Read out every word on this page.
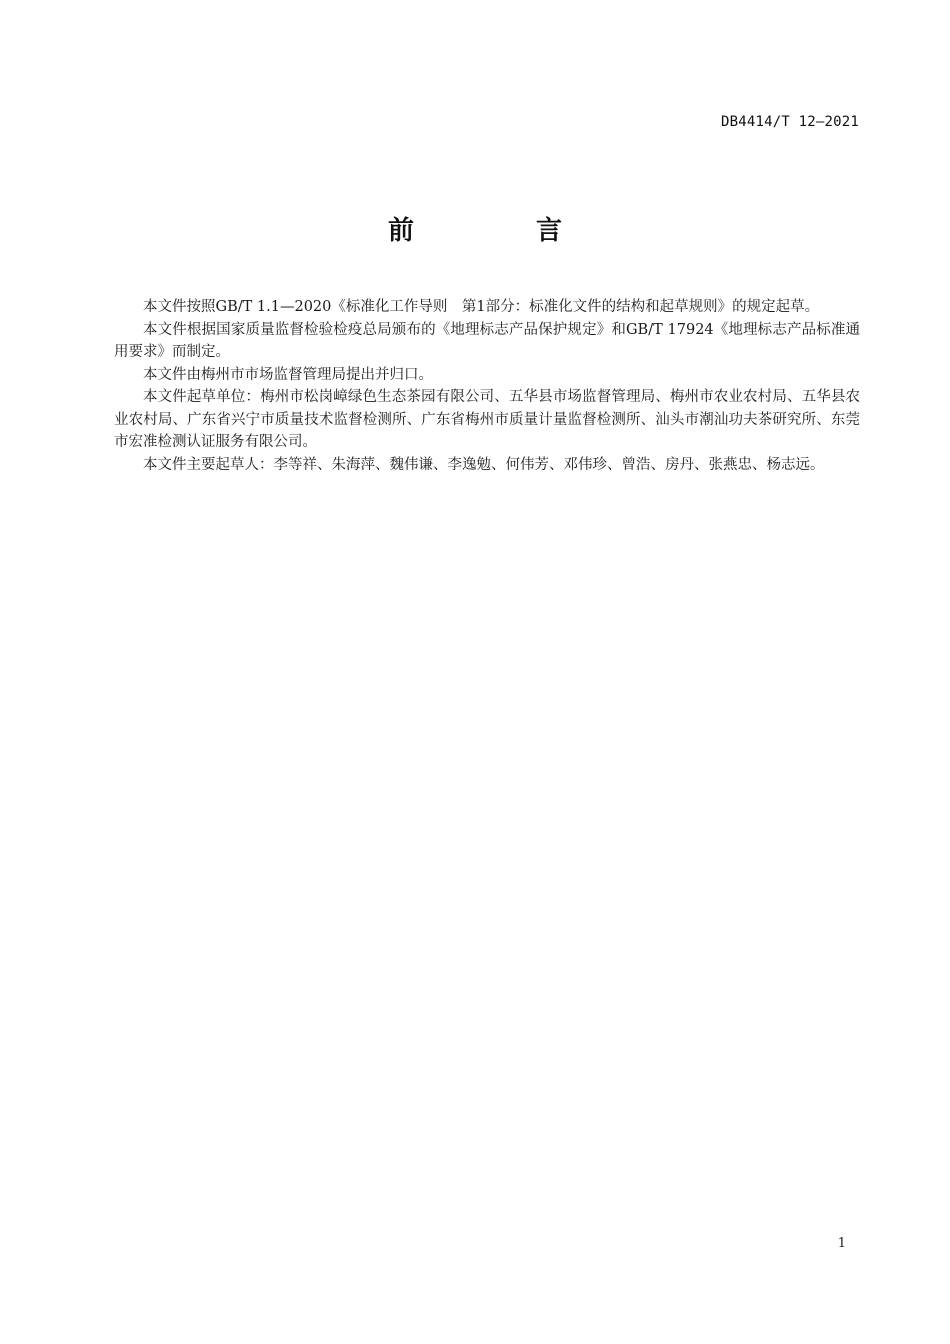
DB4414/T 12—2021
前　言

本文件按照GB/T 1.1—2020《标准化工作导则　第1部分：标准化文件的结构和起草规则》的规定起草。

本文件根据国家质量监督检验检疫总局颁布的《地理标志产品保护规定》和GB/T 17924《地理标志产品标准通用要求》而制定。

本文件由梅州市市场监督管理局提出并归口。

本文件起草单位：梅州市松岗嶂绿色生态茶园有限公司、五华县市场监督管理局、梅州市农业农村局、五华县农业农村局、广东省兴宁市质量技术监督检测所、广东省梅州市质量计量监督检测所、汕头市潮汕功夫茶研究所、东莞市宏准检测认证服务有限公司。

本文件主要起草人：李等祥、朱海萍、魏伟谦、李逸勉、何伟芳、邓伟珍、曾浩、房丹、张燕忠、杨志远。

1
